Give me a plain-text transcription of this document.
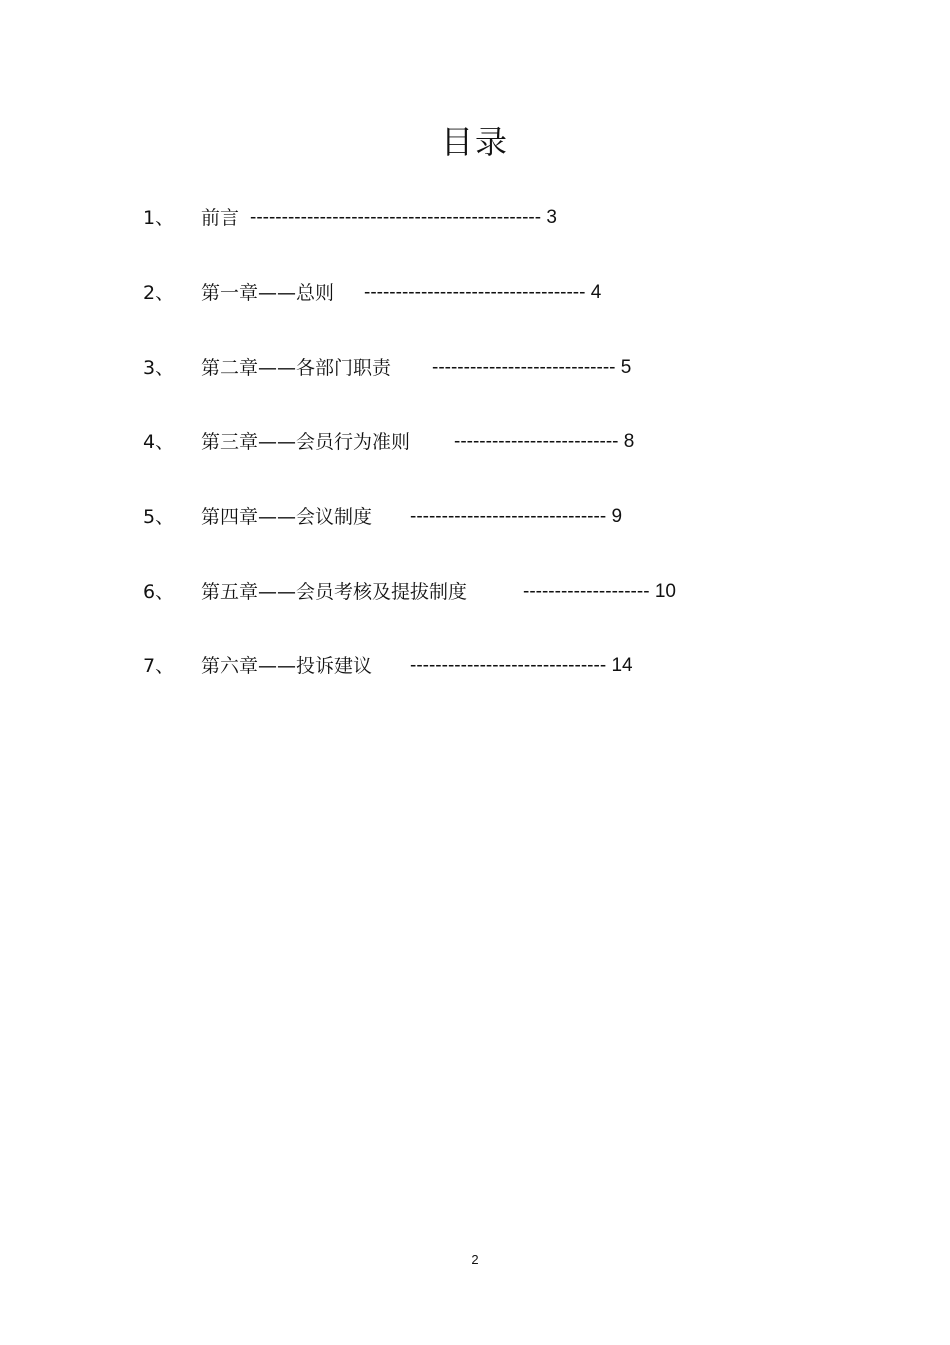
目录
1、 前言 ---------------------------------------------- 3
2、 第一章——总则 ----------------------------------- 4
3、 第二章——各部门职责 ----------------------------- 5
4、 第三章——会员行为准则 -------------------------- 8
5、 第四章——会议制度 ------------------------------- 9
6、 第五章——会员考核及提拔制度	-------------------- 10
7、 第六章——投诉建议 ------------------------------- 14
2
